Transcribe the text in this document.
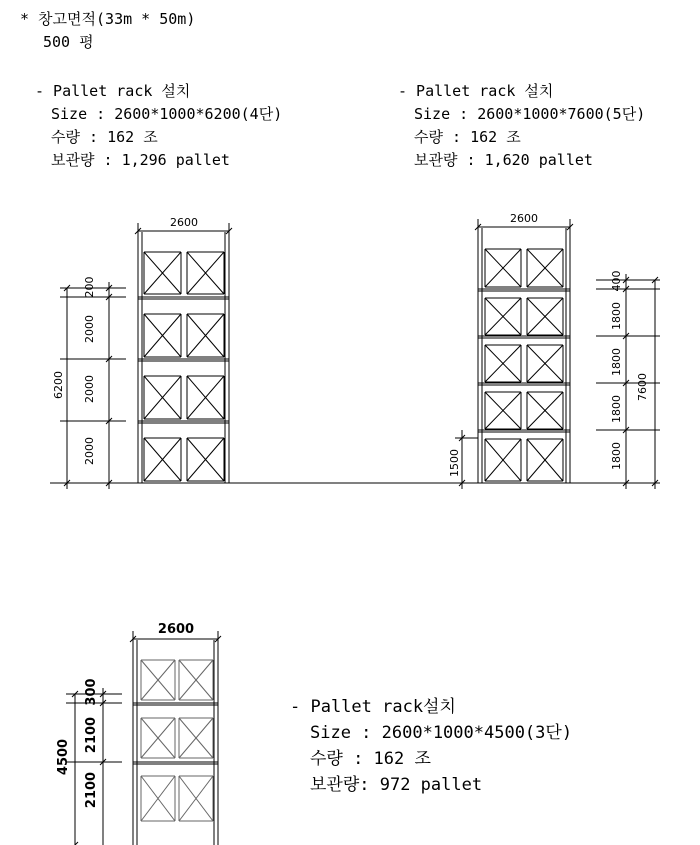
* 창고면적(33m * 50m)

500 평

- Pallet rack 설치

Size : 2600*1000*6200(4단)

수량 : 162 조

보관량 : 1,296 pallet

- Pallet rack 설치

Size : 2600*1000*7600(5단)

수량 : 162 조

보관량 : 1,620 pallet

- Pallet rack설치

Size : 2600*1000*4500(3단)

수량 : 162 조

보관량: 972 pallet

2600
6200
200
2000
2000
2000
2600
7600
1500
400
1800
1800
1800
1800
2600
4500
300
2100
2100
